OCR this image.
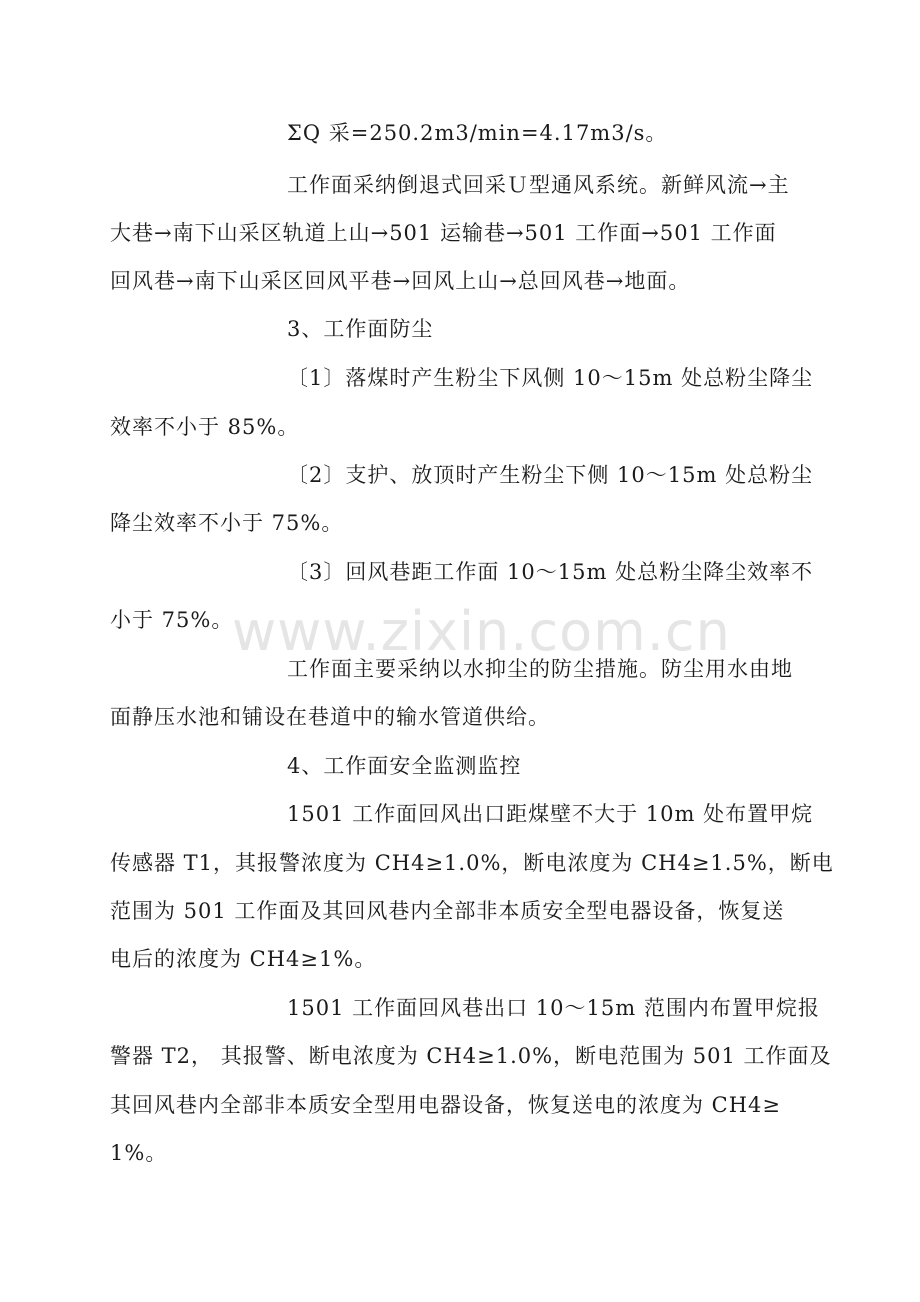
ΣQ 采=250.2m3/min=4.17m3/s。
工作面采纳倒退式回采Ｕ型通风系统。新鲜风流→主
大巷→南下山采区轨道上山→501 运输巷→501 工作面→501 工作面
回风巷→南下山采区回风平巷→回风上山→总回风巷→地面。
3、工作面防尘
〔1〕落煤时产生粉尘下风侧 10～15m 处总粉尘降尘
效率不小于 85%。
〔2〕支护、放顶时产生粉尘下侧 10～15m 处总粉尘
降尘效率不小于 75%。
〔3〕回风巷距工作面 10～15m 处总粉尘降尘效率不
小于 75%。
工作面主要采纳以水抑尘的防尘措施。防尘用水由地
面静压水池和铺设在巷道中的输水管道供给。
4、工作面安全监测监控
1501 工作面回风出口距煤壁不大于 10m 处布置甲烷
传感器 T1，其报警浓度为 CH4≥1.0%，断电浓度为 CH4≥1.5%，断电
范围为 501 工作面及其回风巷内全部非本质安全型电器设备，恢复送
电后的浓度为 CH4≥1%。
1501 工作面回风巷出口 10～15m 范围内布置甲烷报
警器 T2， 其报警、断电浓度为 CH4≥1.0%，断电范围为 501 工作面及
其回风巷内全部非本质安全型用电器设备，恢复送电的浓度为 CH4≥
1%。
www.zixin.com.cn
